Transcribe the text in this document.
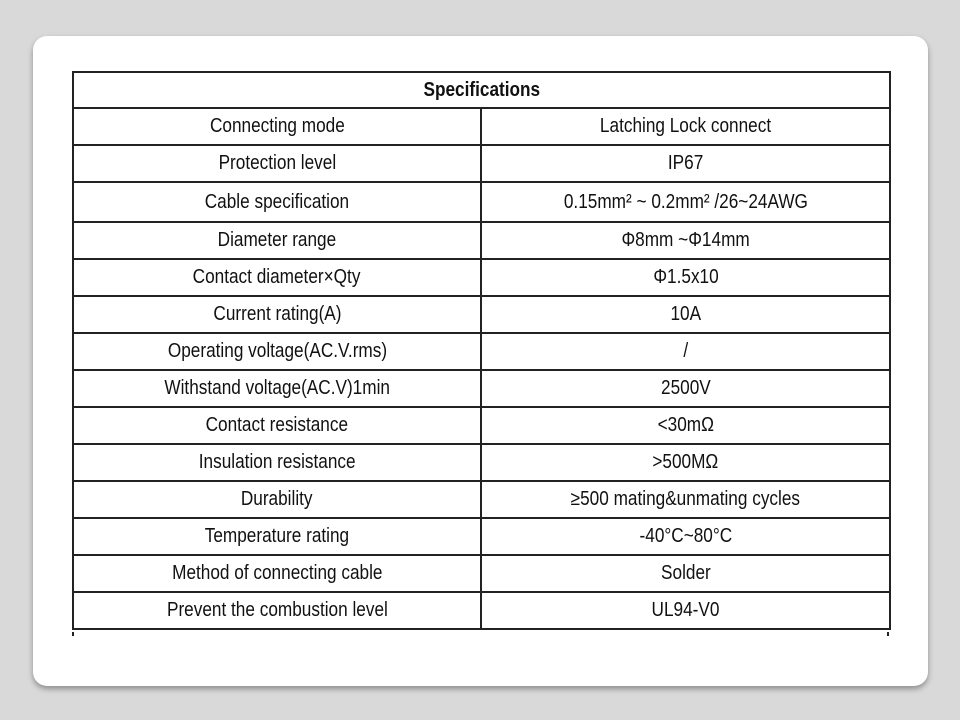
Specifications	
Connecting mode	Latching Lock connect
Protection level	IP67
Cable specification	0.15mm² ~ 0.2mm² /26~24AWG
Diameter range	Φ8mm ~Φ14mm
Contact diameter×Qty	Φ1.5x10
Current rating(A)	10A
Operating voltage(AC.V.rms)	/
Withstand voltage(AC.V)1min	2500V
Contact resistance	<30mΩ
Insulation resistance	>500MΩ
Durability	≥500 mating&unmating cycles
Temperature rating	-40°C~80°C
Method of connecting cable	Solder
Prevent the combustion level	UL94-V0
